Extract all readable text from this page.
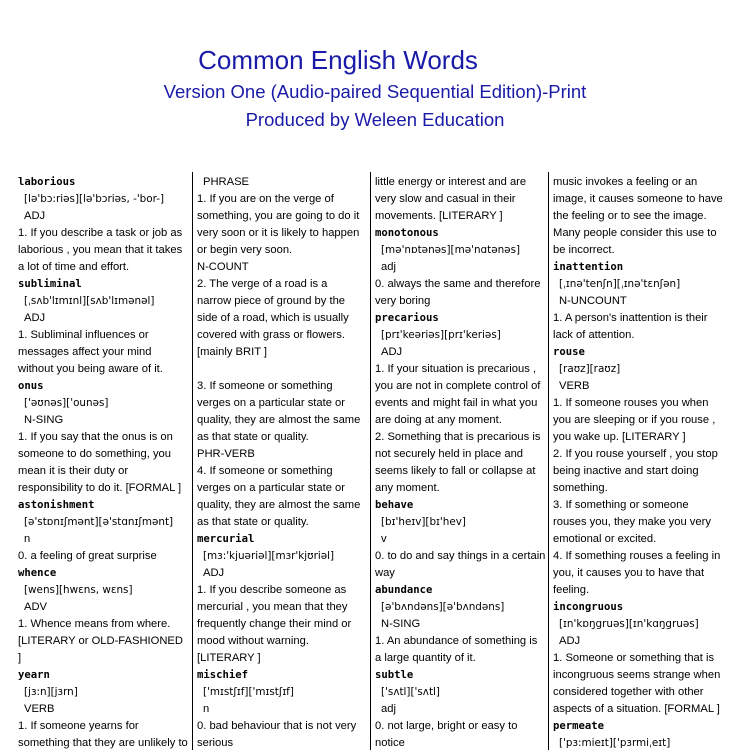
Common English Words
Version One (Audio-paired Sequential Edition)-Print
Produced by Weleen Education
laborious
[lə'bɔ:riəs][lə'bɔriəs, -'bor-]
ADJ
1. If you describe a task or job as
laborious , you mean that it takes
a lot of time and effort.
subliminal
[ˌsʌb'lɪmɪnl][sʌb'lɪmənəl]
ADJ
1. Subliminal influences or
messages affect your mind
without you being aware of it.
onus
['əʊnəs]['ounəs]
N-SING
1. If you say that the onus is on
someone to do something, you
mean it is their duty or
responsibility to do it. [FORMAL ]
astonishment
[ə'stɒnɪʃmənt][ə'stɑnɪʃmənt]
n
0. a feeling of great surprise
whence
[wens][hwɛns, wɛns]
ADV
1. Whence means from where.
[LITERARY or OLD-FASHIONED
]
yearn
[jɜ:n][jɜrn]
VERB
1. If someone yearns for
something that they are unlikely to
PHRASE
1. If you are on the verge of
something, you are going to do it
very soon or it is likely to happen
or begin very soon.
N-COUNT
2. The verge of a road is a
narrow piece of ground by the
side of a road, which is usually
covered with grass or flowers.
[mainly BRIT ]
3. If someone or something
verges on a particular state or
quality, they are almost the same
as that state or quality.
PHR-VERB
4. If someone or something
verges on a particular state or
quality, they are almost the same
as that state or quality.
mercurial
[mɜ:'kjuəriəl][mɜr'kjʊriəl]
ADJ
1. If you describe someone as
mercurial , you mean that they
frequently change their mind or
mood without warning.
[LITERARY ]
mischief
['mɪstʃɪf]['mɪstʃɪf]
n
0. bad behaviour that is not very
serious
little energy or interest and are
very slow and casual in their
movements. [LITERARY ]
monotonous
[mə'nɒtənəs][mə'nɑtənəs]
adj
0. always the same and therefore
very boring
precarious
[prɪ'keəriəs][prɪ'keriəs]
ADJ
1. If your situation is precarious ,
you are not in complete control of
events and might fail in what you
are doing at any moment.
2. Something that is precarious is
not securely held in place and
seems likely to fall or collapse at
any moment.
behave
[bɪ'heɪv][bɪ'hev]
v
0. to do and say things in a certain
way
abundance
[ə'bʌndəns][ə'bʌndəns]
N-SING
1. An abundance of something is
a large quantity of it.
subtle
['sʌtl]['sʌtl]
adj
0. not large, bright or easy to
notice
music invokes a feeling or an
image, it causes someone to have
the feeling or to see the image.
Many people consider this use to
be incorrect.
inattention
[ˌɪnə'tenʃn][ˌɪnə'tɛnʃən]
N-UNCOUNT
1. A person's inattention is their
lack of attention.
rouse
[raʊz][raʊz]
VERB
1. If someone rouses you when
you are sleeping or if you rouse ,
you wake up. [LITERARY ]
2. If you rouse yourself , you stop
being inactive and start doing
something.
3. If something or someone
rouses you, they make you very
emotional or excited.
4. If something rouses a feeling in
you, it causes you to have that
feeling.
incongruous
[ɪn'kɒŋgruəs][ɪn'kɑŋgruəs]
ADJ
1. Someone or something that is
incongruous seems strange when
considered together with other
aspects of a situation. [FORMAL ]
permeate
['pɜ:mieɪt]['pɜrmiˌeɪt]
